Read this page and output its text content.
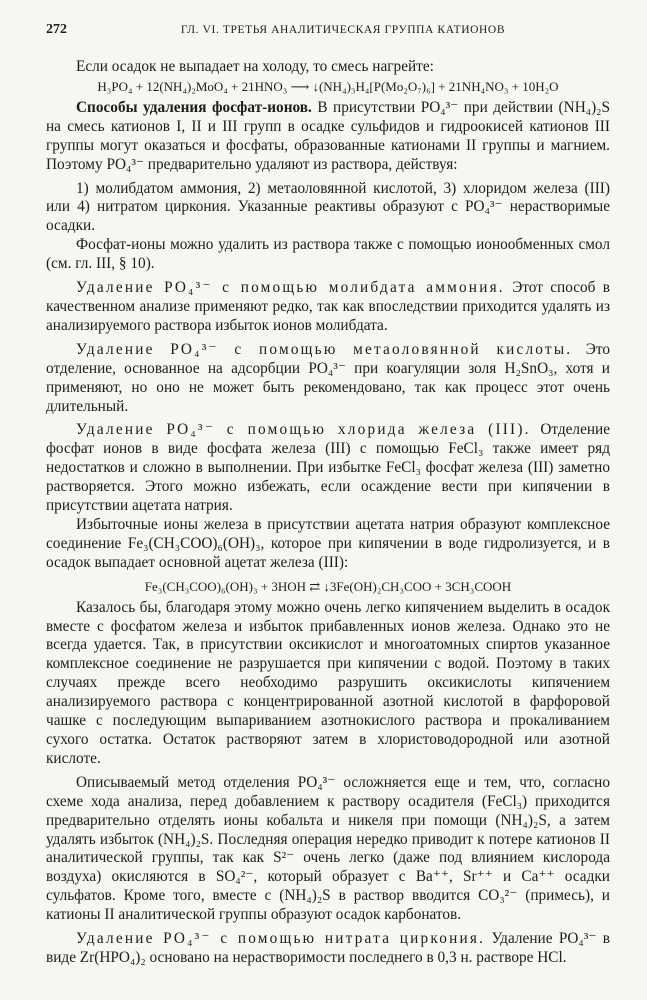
272	ГЛ. VI. ТРЕТЬЯ АНАЛИТИЧЕСКАЯ ГРУППА КАТИОНОВ

Если осадок не выпадает на холоду, то смесь нагрейте:

H₃PO₄ + 12(NH₄)₂MoO₄ + 21HNO₃ ⟶ ↓(NH₄)₃H₄[P(Mo₂O₇)₆] + 21NH₄NO₃ + 10H₂O

Способы удаления фосфат-ионов. В присутствии PO₄³⁻ при действии (NH₄)₂S на смесь катионов I, II и III групп в осадке сульфидов и гидроокисей катионов III группы могут оказаться и фосфаты, образованные катионами II группы и магнием. Поэтому PO₄³⁻ предварительно удаляют из раствора, действуя:

1) молибдатом аммония, 2) метаоловянной кислотой, 3) хлоридом железа (III) или 4) нитратом циркония. Указанные реактивы образуют с PO₄³⁻ нерастворимые осадки.

Фосфат-ионы можно удалить из раствора также с помощью ионообменных смол (см. гл. III, § 10).

Удаление PO₄³⁻ с помощью молибдата аммония. Этот способ в качественном анализе применяют редко, так как впоследствии приходится удалять из анализируемого раствора избыток ионов молибдата.

Удаление PO₄³⁻ с помощью метаоловянной кислоты. Это отделение, основанное на адсорбции PO₄³⁻ при коагуляции золя H₂SnO₃, хотя и применяют, но оно не может быть рекомендовано, так как процесс этот очень длительный.

Удаление PO₄³⁻ с помощью хлорида железа (III). Отделение фосфат ионов в виде фосфата железа (III) с помощью FeCl₃ также имеет ряд недостатков и сложно в выполнении. При избытке FeCl₃ фосфат железа (III) заметно растворяется. Этого можно избежать, если осаждение вести при кипячении в присутствии ацетата натрия.

Избыточные ионы железа в присутствии ацетата натрия образуют комплексное соединение Fe₃(CH₃COO)₆(OH)₃, которое при кипячении в воде гидролизуется, и в осадок выпадает основной ацетат железа (III):

Fe₃(CH₃COO)₆(OH)₃ + 3HOH ⇄ ↓3Fe(OH)₂CH₃COO + 3CH₃COOH

Казалось бы, благодаря этому можно очень легко кипячением выделить в осадок вместе с фосфатом железа и избыток прибавленных ионов железа. Однако это не всегда удается. Так, в присутствии оксикислот и многоатомных спиртов указанное комплексное соединение не разрушается при кипячении с водой. Поэтому в таких случаях прежде всего необходимо разрушить оксикислоты кипячением анализируемого раствора с концентрированной азотной кислотой в фарфоровой чашке с последующим выпариванием азотнокислого раствора и прокаливанием сухого остатка. Остаток растворяют затем в хлористоводородной или азотной кислоте.

Описываемый метод отделения PO₄³⁻ осложняется еще и тем, что, согласно схеме хода анализа, перед добавлением к раствору осадителя (FeCl₃) приходится предварительно отделять ионы кобальта и никеля при помощи (NH₄)₂S, а затем удалять избыток (NH₄)₂S. Последняя операция нередко приводит к потере катионов II аналитической группы, так как S²⁻ очень легко (даже под влиянием кислорода воздуха) окисляются в SO₄²⁻, который образует с Ba⁺⁺, Sr⁺⁺ и Ca⁺⁺ осадки сульфатов. Кроме того, вместе с (NH₄)₂S в раствор вводится CO₃²⁻ (примесь), и катионы II аналитической группы образуют осадок карбонатов.

Удаление PO₄³⁻ с помощью нитрата циркония. Удаление PO₄³⁻ в виде Zr(HPO₄)₂ основано на нерастворимости последнего в 0,3 н. растворе HCl.
